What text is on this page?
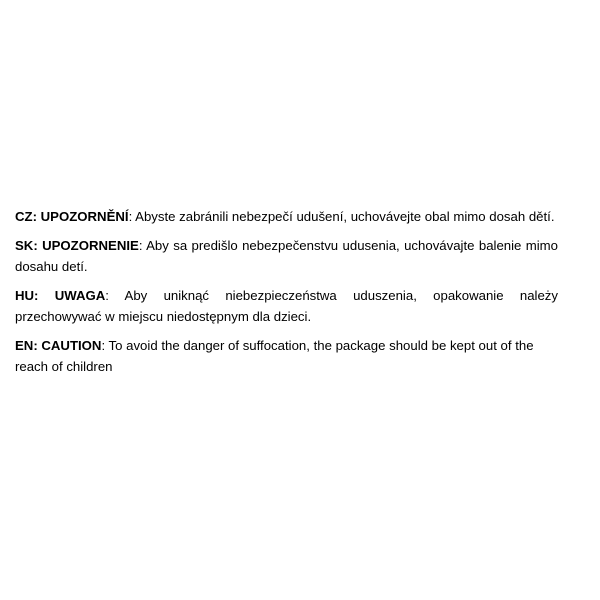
CZ: UPOZORNĚNÍ: Abyste zabránili nebezpečí udušení, uchovávejte obal mimo dosah dětí.

SK: UPOZORNENIE: Aby sa predišlo nebezpečenstvu udusenia, uchovávajte balenie mimo dosahu detí.

HU: UWAGA: Aby uniknąć niebezpieczeństwa uduszenia, opakowanie należy przechowywać w miejscu niedostępnym dla dzieci.

EN: CAUTION: To avoid the danger of suffocation, the package should be kept out of the reach of children
